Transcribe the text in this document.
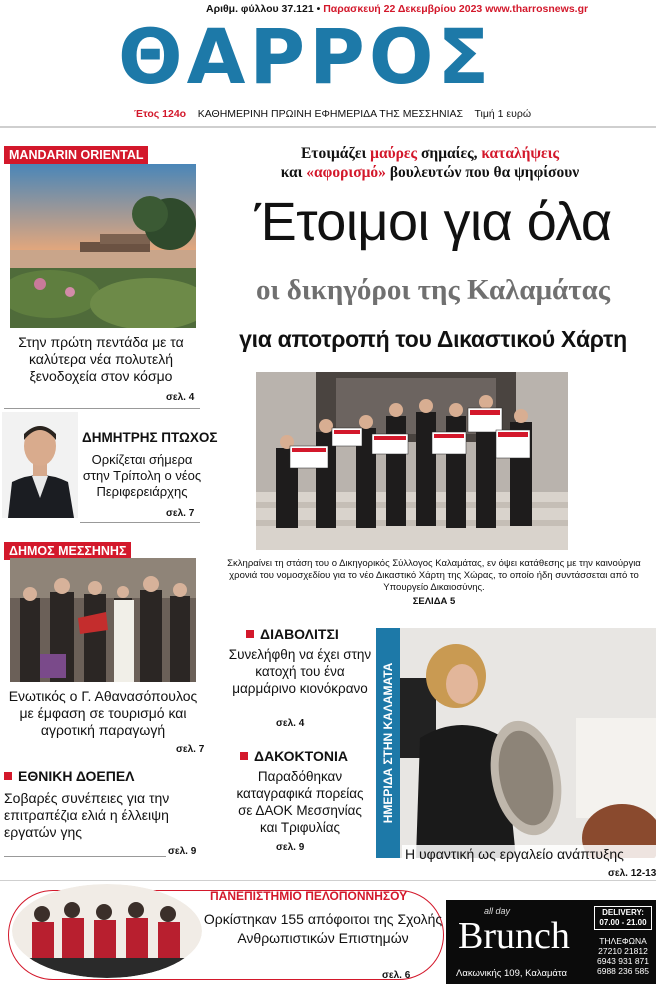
Αριθμ. φύλλου 37.121 • Παρασκευή 22 Δεκεμβρίου 2023 www.tharrosnews.gr
ΘΑΡΡΟΣ
Έτος 124ο ΚΑΘΗΜΕΡΙΝΗ ΠΡΩΙΝΗ ΕΦΗΜΕΡΙΔΑ ΤΗΣ ΜΕΣΣΗΝΙΑΣ Τιμή 1 ευρώ
MANDARIN ORIENTAL
Στην πρώτη πεντάδα με τα καλύτερα νέα πολυτελή ξενοδοχεία στον κόσμο
σελ. 4
ΔΗΜΗΤΡΗΣ ΠΤΩΧΟΣ
Ορκίζεται σήμερα στην Τρίπολη ο νέος Περιφερειάρχης
σελ. 7
ΔΗΜΟΣ ΜΕΣΣΗΝΗΣ
Ενωτικός ο Γ. Αθανασόπουλος με έμφαση σε τουρισμό και αγροτική παραγωγή
σελ. 7
ΕΘΝΙΚΗ ΔΟΕΠΕΛ
Σοβαρές συνέπειες για την επιτραπέζια ελιά η έλλειψη εργατών γης
σελ. 9
Ετοιμάζει μαύρες σημαίες, καταλήψεις
και «αφορισμό» βουλευτών που θα ψηφίσουν
Έτοιμοι για όλα
οι δικηγόροι της Καλαμάτας
για αποτροπή του Δικαστικού Χάρτη
Σκληραίνει τη στάση του ο Δικηγορικός Σύλλογος Καλαμάτας, εν όψει κατάθεσης με την καινούργια χρονιά του νομοσχεδίου για το νέο Δικαστικό Χάρτη της Χώρας, το οποίο ήδη συντάσσεται από το Υπουργείο Δικαιοσύνης.
ΣΕΛΙΔΑ 5
ΔΙΑΒΟΛΙΤΣΙ
Συνελήφθη να έχει στην κατοχή του ένα μαρμάρινο κιονόκρανο
σελ. 4
ΔΑΚΟΚΤΟΝΙΑ
Παραδόθηκαν καταγραφικά πορείας σε ΔΑΟΚ Μεσσηνίας και Τριφυλίας
σελ. 9
ΗΜΕΡΙΔΑ ΣΤΗΝ ΚΑΛΑΜΑΤΑ
Η υφαντική ως εργαλείο ανάπτυξης
σελ. 12-13
ΠΑΝΕΠΙΣΤΗΜΙΟ ΠΕΛΟΠΟΝΝΗΣΟΥ
Ορκίστηκαν 155 απόφοιτοι της Σχολής Ανθρωπιστικών Επιστημών
σελ. 6
all day
Brunch
DELIVERY:
07.00 - 21.00
ΤΗΛΕΦΩΝΑ
27210 21812
6943 931 871
6988 236 585
Λακωνικής 109, Καλαμάτα
